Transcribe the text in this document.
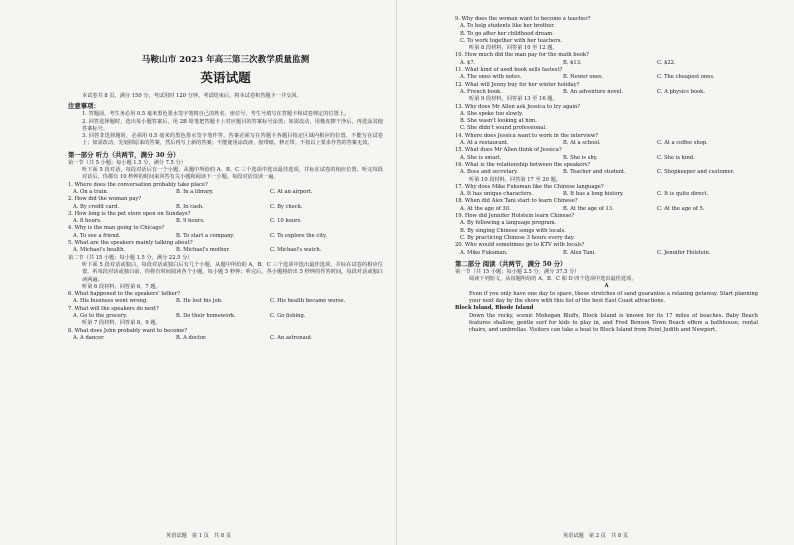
马鞍山市 2023 年高三第三次教学质量监测
英语试题
本试卷共 8 页，满分 150 分，考试用时 120 分钟。考试结束后，将本试卷和答题卡一并交回。
注意事项：
1. 答题前，考生务必用 0.5 毫米黑色墨水签字笔将自己的姓名、座位号、考生号填写在答题卡和试卷规定的位置上。
2. 回答选择题时，选出每小题答案后，用 2B 铅笔把答题卡上对应题目的答案标号涂黑；如需改动，用橡皮擦干净后，再选涂其他答案标号。
3. 回答非选择题时，必须用 0.5 毫米的黑色墨水签字笔作答。答案必须写在答题卡各题目指定区域内相应的位置，不能写在试卷上；如需改动，先划掉原来的答案，然后再写上新的答案；不能使用涂改液、胶带纸、修正带。不按以上要求作答的答案无效。
第一部分 听力（共两节，满分 30 分）
第一节（共 5 小题；每小题 1.5 分，满分 7.5 分）
听下面 5 段对话，每段对话后有一个小题，从题中所给的 A、B、C 三个选项中选出最佳选项，并标在试卷的相应位置。听完每段对话后，你都有 10 秒钟的时间来回答有关小题和阅读下一小题。每段对话仅读一遍。
1. Where does the conversation probably take place?
A. On a train.	B. In a library.	C. At an airport.
2. How did the woman pay?
A. By credit card.	B. In cash.	C. By check.
3. How long is the pet store open on Sundays?
A. 8 hours.	B. 9 hours.	C. 10 hours.
4. Why is the man going to Chicago?
A. To see a friend.	B. To start a company.	C. To explore the city.
5. What are the speakers mainly talking about?
A. Michael's health.	B. Michael's mother.	C. Michael's watch.
第二节（共 15 小题；每小题 1.5 分，满分 22.5 分）
听下面 5 段对话或独白，每段对话或独白后有几个小题，从题中所给的 A、B、C 三个选项中选出最佳选项，并标在试卷的相应位置。听每段对话或独白前，你将有时间阅读各个小题，每小题 5 秒钟；听完后，各小题将给出 5 秒钟的作答时间。每段对话或独白读两遍。
听第 6 段材料，回答第 6、7 题。
6. What happened to the speakers' father?
A. His business went wrong.	B. He lost his job.	C. His health became worse.
7. What will the speakers do next?
A. Go to the grocery.	B. Do their homework.	C. Go fishing.
听第 7 段材料，回答第 8、9 题。
8. What does John probably want to become?
A. A dancer.	B. A doctor.	C. An astronaut.
英语试题　第 1 页　共 8 页
9. Why does the woman want to become a teacher?
A. To help students like her brother.
B. To go after her childhood dream.
C. To work together with her teachers.
听第 8 段材料，回答第 10 至 12 题。
10. How much did the man pay for the math book?
A. $7.	B. $13.	C. $22.
11. What kind of used book sells fastest?
A. The ones with notes.	B. Newer ones.	C. The cheapest ones.
12. What will Jenny buy for her winter holiday?
A. French book.	B. An adventure novel.	C. A physics book.
听第 9 段材料，回答第 13 至 16 题。
13. Why does Mr Allen ask Jessica to try again?
A. She spoke too slowly.
B. She wasn't looking at him.
C. She didn't sound professional.
14. Where does Jessica want to work in the interview?
A. At a restaurant.	B. At a school.	C. At a coffee shop.
15. What does Mr Allen think of Jessica?
A. She is smart.	B. She is shy.	C. She is kind.
16. What is the relationship between the speakers?
A. Boss and secretary.	B. Teacher and student.	C. Shopkeeper and customer.
听第 10 段材料，回答第 17 至 20 题。
17. Why does Mike Fuksman like the Chinese language?
A. It has unique characters.	B. It has a long history.	C. It is quite direct.
18. When did Alex Tani start to learn Chinese?
A. At the age of 30.	B. At the age of 13.	C. At the age of 5.
19. How did Jennifer Holstein learn Chinese?
A. By following a language program.
B. By singing Chinese songs with locals.
C. By practicing Chinese 3 hours every day.
20. Who would sometimes go to KTV with locals?
A. Mike Fuksman.	B. Alex Tani.	C. Jennifer Holstein.
第二部分 阅读（共两节，满分 50 分）
第一节（共 15 小题；每小题 2.5 分，满分 37.5 分）
阅读下列短文，从每题所给的 A、B、C 和 D 四个选项中选出最佳选项。
A
Even if you only have one day to spare, these stretches of sand guarantee a relaxing getaway. Start planning your next day by the shore with this list of the best East Coast attractions.
Block Island, Rhode Island
Down the rocky, scenic Mohegan Bluffs, Block Island is known for its 17 miles of beaches. Baby Beach features shallow, gentle surf for kids to play in, and Fred Benson Town Beach offers a bathhouse, rental chairs, and umbrellas. Visitors can take a boat to Block Island from Point Judith and Newport.
英语试题　第 2 页　共 8 页
